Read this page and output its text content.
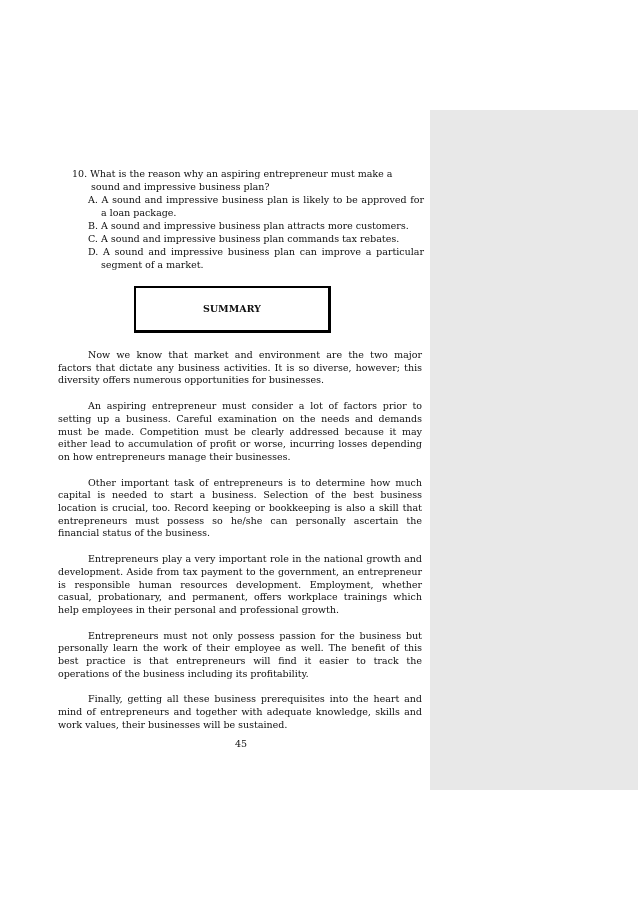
10. What is the reason why an aspiring entrepreneur must make a sound and impressive business plan?

A. A sound and impressive business plan is likely to be approved for a loan package.

B. A sound and impressive business plan attracts more customers.

C. A sound and impressive business plan commands tax rebates.

D. A sound and impressive business plan can improve a particular segment of a market.

SUMMARY

Now we know that market and environment are the two major factors that dictate any business activities. It is so diverse, however; this diversity offers numerous opportunities for businesses.

An aspiring entrepreneur must consider a lot of factors prior to setting up a business. Careful examination on the needs and demands must be made. Competition must be clearly addressed because it may either lead to accumulation of profit or worse, incurring losses depending on how entrepreneurs manage their businesses.

Other important task of entrepreneurs is to determine how much capital is needed to start a business. Selection of the best business location is crucial, too. Record keeping or bookkeeping is also a skill that entrepreneurs must possess so he/she can personally ascertain the financial status of the business.

Entrepreneurs play a very important role in the national growth and development. Aside from tax payment to the government, an entrepreneur is responsible human resources development. Employment, whether casual, probationary, and permanent, offers workplace trainings which help employees in their personal and professional growth.

Entrepreneurs must not only possess passion for the business but personally learn the work of their employee as well. The benefit of this best practice is that entrepreneurs will find it easier to track the operations of the business including its profitability.

Finally, getting all these business prerequisites into the heart and mind of entrepreneurs and together with adequate knowledge, skills and work values, their businesses will be sustained.

45
